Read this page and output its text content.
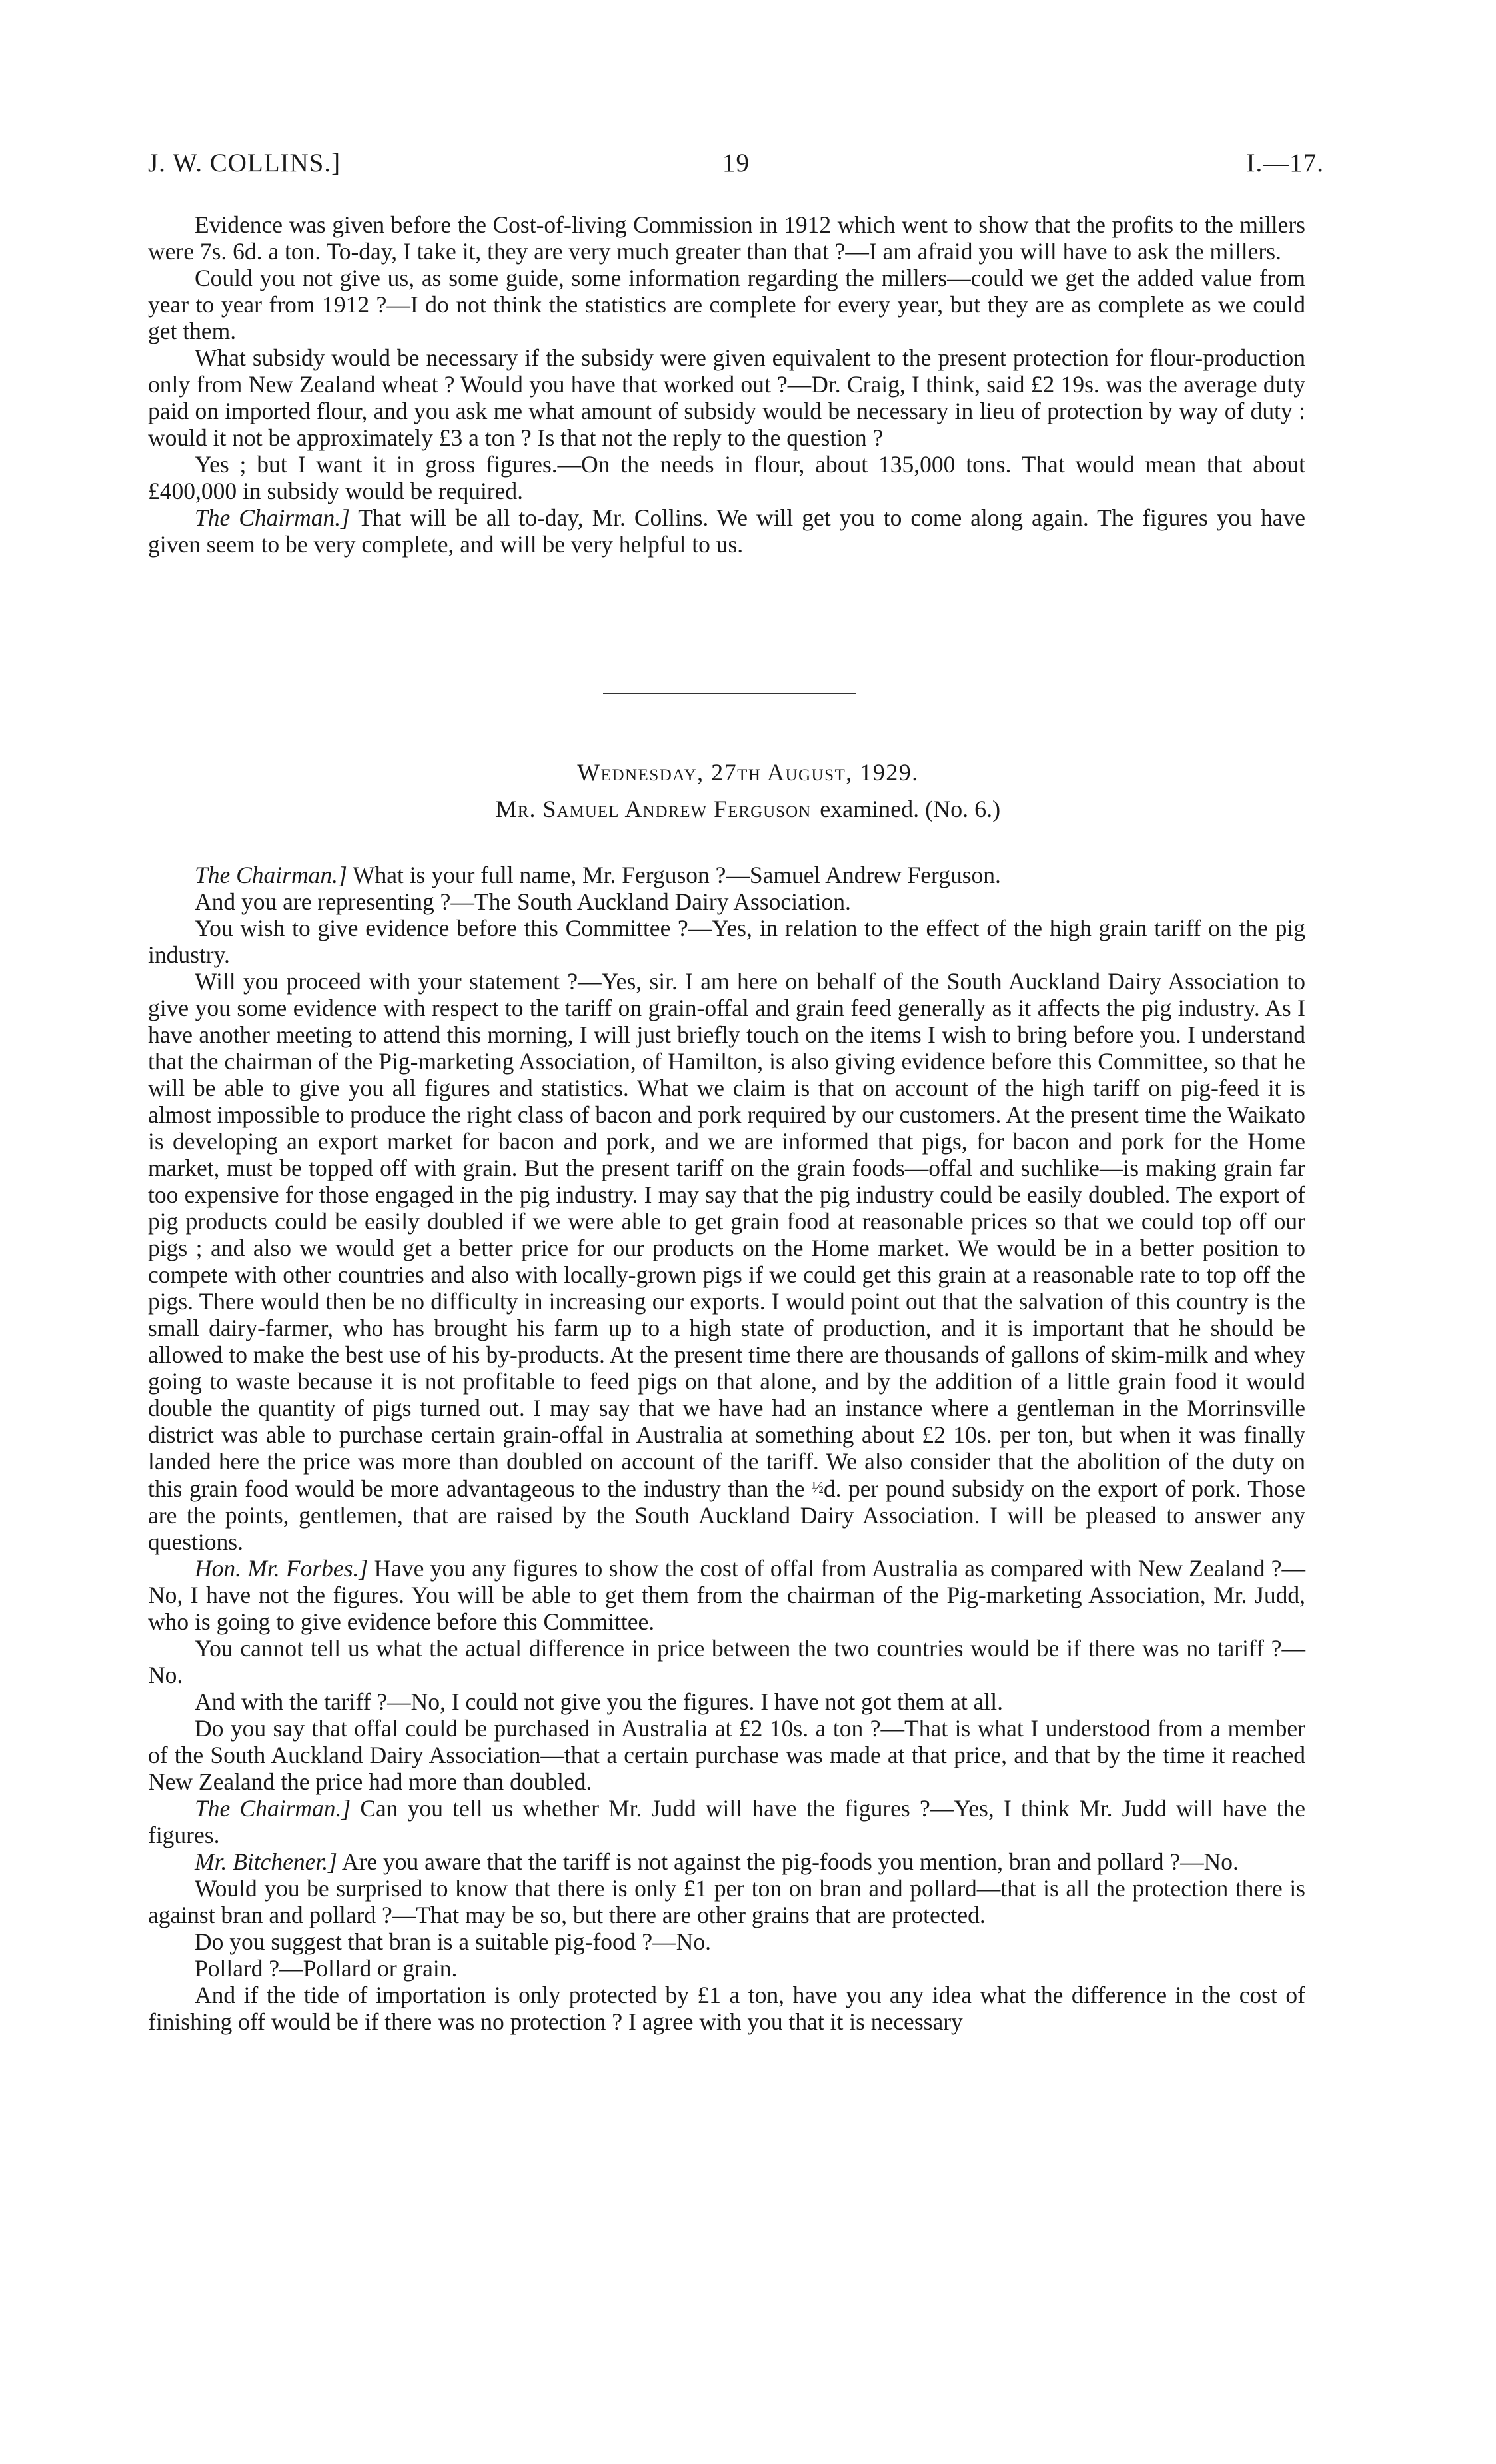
J. W. COLLINS.]	19	I.—17.

Evidence was given before the Cost-of-living Commission in 1912 which went to show that the profits to the millers were 7s. 6d. a ton. To-day, I take it, they are very much greater than that ?—I am afraid you will have to ask the millers.

Could you not give us, as some guide, some information regarding the millers—could we get the added value from year to year from 1912 ?—I do not think the statistics are complete for every year, but they are as complete as we could get them.

What subsidy would be necessary if the subsidy were given equivalent to the present protection for flour-production only from New Zealand wheat ? Would you have that worked out ?—Dr. Craig, I think, said £2 19s. was the average duty paid on imported flour, and you ask me what amount of subsidy would be necessary in lieu of protection by way of duty : would it not be approximately £3 a ton ? Is that not the reply to the question ?

Yes ; but I want it in gross figures.—On the needs in flour, about 135,000 tons. That would mean that about £400,000 in subsidy would be required.

The Chairman.] That will be all to-day, Mr. Collins. We will get you to come along again. The figures you have given seem to be very complete, and will be very helpful to us.

Wednesday, 27th August, 1929.
Mr. Samuel Andrew Ferguson examined. (No. 6.)

The Chairman.] What is your full name, Mr. Ferguson ?—Samuel Andrew Ferguson.

And you are representing ?—The South Auckland Dairy Association.

You wish to give evidence before this Committee ?—Yes, in relation to the effect of the high grain tariff on the pig industry.

Will you proceed with your statement ?—Yes, sir. I am here on behalf of the South Auckland Dairy Association to give you some evidence with respect to the tariff on grain-offal and grain feed generally as it affects the pig industry. As I have another meeting to attend this morning, I will just briefly touch on the items I wish to bring before you. I understand that the chairman of the Pig-marketing Association, of Hamilton, is also giving evidence before this Committee, so that he will be able to give you all figures and statistics. What we claim is that on account of the high tariff on pig-feed it is almost impossible to produce the right class of bacon and pork required by our customers. At the present time the Waikato is developing an export market for bacon and pork, and we are informed that pigs, for bacon and pork for the Home market, must be topped off with grain. But the present tariff on the grain foods—offal and suchlike—is making grain far too expensive for those engaged in the pig industry. I may say that the pig industry could be easily doubled. The export of pig products could be easily doubled if we were able to get grain food at reasonable prices so that we could top off our pigs ; and also we would get a better price for our products on the Home market. We would be in a better position to compete with other countries and also with locally-grown pigs if we could get this grain at a reasonable rate to top off the pigs. There would then be no difficulty in increasing our exports. I would point out that the salvation of this country is the small dairy-farmer, who has brought his farm up to a high state of production, and it is important that he should be allowed to make the best use of his by-products. At the present time there are thousands of gallons of skim-milk and whey going to waste because it is not profitable to feed pigs on that alone, and by the addition of a little grain food it would double the quantity of pigs turned out. I may say that we have had an instance where a gentleman in the Morrinsville district was able to purchase certain grain-offal in Australia at something about £2 10s. per ton, but when it was finally landed here the price was more than doubled on account of the tariff. We also consider that the abolition of the duty on this grain food would be more advantageous to the industry than the ½d. per pound subsidy on the export of pork. Those are the points, gentlemen, that are raised by the South Auckland Dairy Association. I will be pleased to answer any questions.

Hon. Mr. Forbes.] Have you any figures to show the cost of offal from Australia as compared with New Zealand ?—No, I have not the figures. You will be able to get them from the chairman of the Pig-marketing Association, Mr. Judd, who is going to give evidence before this Committee.

You cannot tell us what the actual difference in price between the two countries would be if there was no tariff ?—No.

And with the tariff ?—No, I could not give you the figures. I have not got them at all.

Do you say that offal could be purchased in Australia at £2 10s. a ton ?—That is what I understood from a member of the South Auckland Dairy Association—that a certain purchase was made at that price, and that by the time it reached New Zealand the price had more than doubled.

The Chairman.] Can you tell us whether Mr. Judd will have the figures ?—Yes, I think Mr. Judd will have the figures.

Mr. Bitchener.] Are you aware that the tariff is not against the pig-foods you mention, bran and pollard ?—No.

Would you be surprised to know that there is only £1 per ton on bran and pollard—that is all the protection there is against bran and pollard ?—That may be so, but there are other grains that are protected.

Do you suggest that bran is a suitable pig-food ?—No.

Pollard ?—Pollard or grain.

And if the tide of importation is only protected by £1 a ton, have you any idea what the difference in the cost of finishing off would be if there was no protection ? I agree with you that it is necessary
